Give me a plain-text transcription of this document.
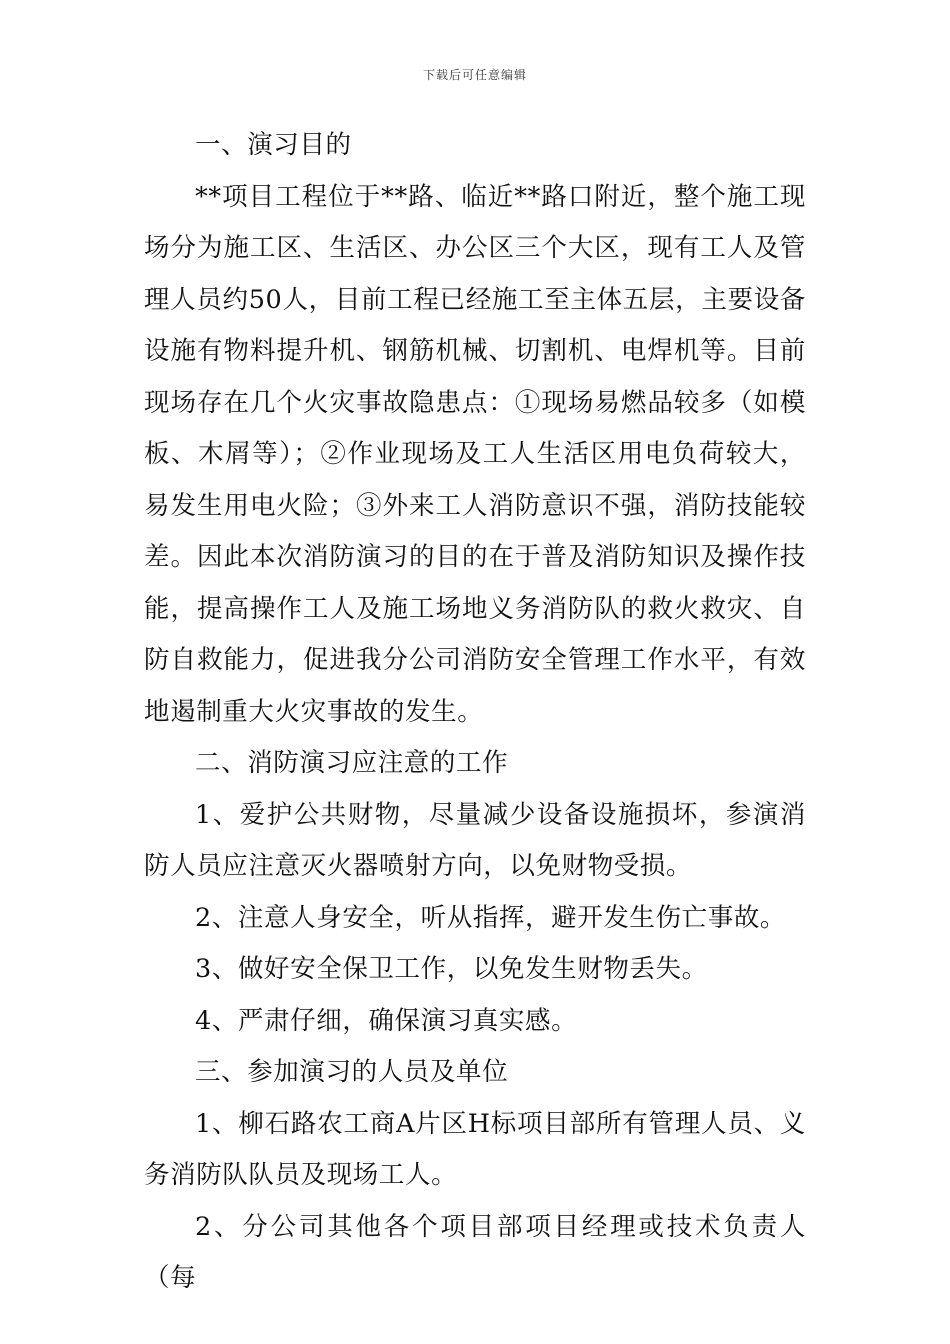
下载后可任意编辑

一、演习目的

**项目工程位于**路、临近**路口附近，整个施工现场分为施工区、生活区、办公区三个大区，现有工人及管理人员约50人，目前工程已经施工至主体五层，主要设备设施有物料提升机、钢筋机械、切割机、电焊机等。目前现场存在几个火灾事故隐患点：①现场易燃品较多（如模板、木屑等）；②作业现场及工人生活区用电负荷较大，易发生用电火险；③外来工人消防意识不强，消防技能较差。因此本次消防演习的目的在于普及消防知识及操作技能，提高操作工人及施工场地义务消防队的救火救灾、自防自救能力，促进我分公司消防安全管理工作水平，有效地遏制重大火灾事故的发生。

二、消防演习应注意的工作

1、爱护公共财物，尽量减少设备设施损坏，参演消防人员应注意灭火器喷射方向，以免财物受损。

2、注意人身安全，听从指挥，避开发生伤亡事故。

3、做好安全保卫工作，以免发生财物丢失。

4、严肃仔细，确保演习真实感。

三、参加演习的人员及单位

1、柳石路农工商A片区H标项目部所有管理人员、义务消防队队员及现场工人。

2、分公司其他各个项目部项目经理或技术负责人（每
